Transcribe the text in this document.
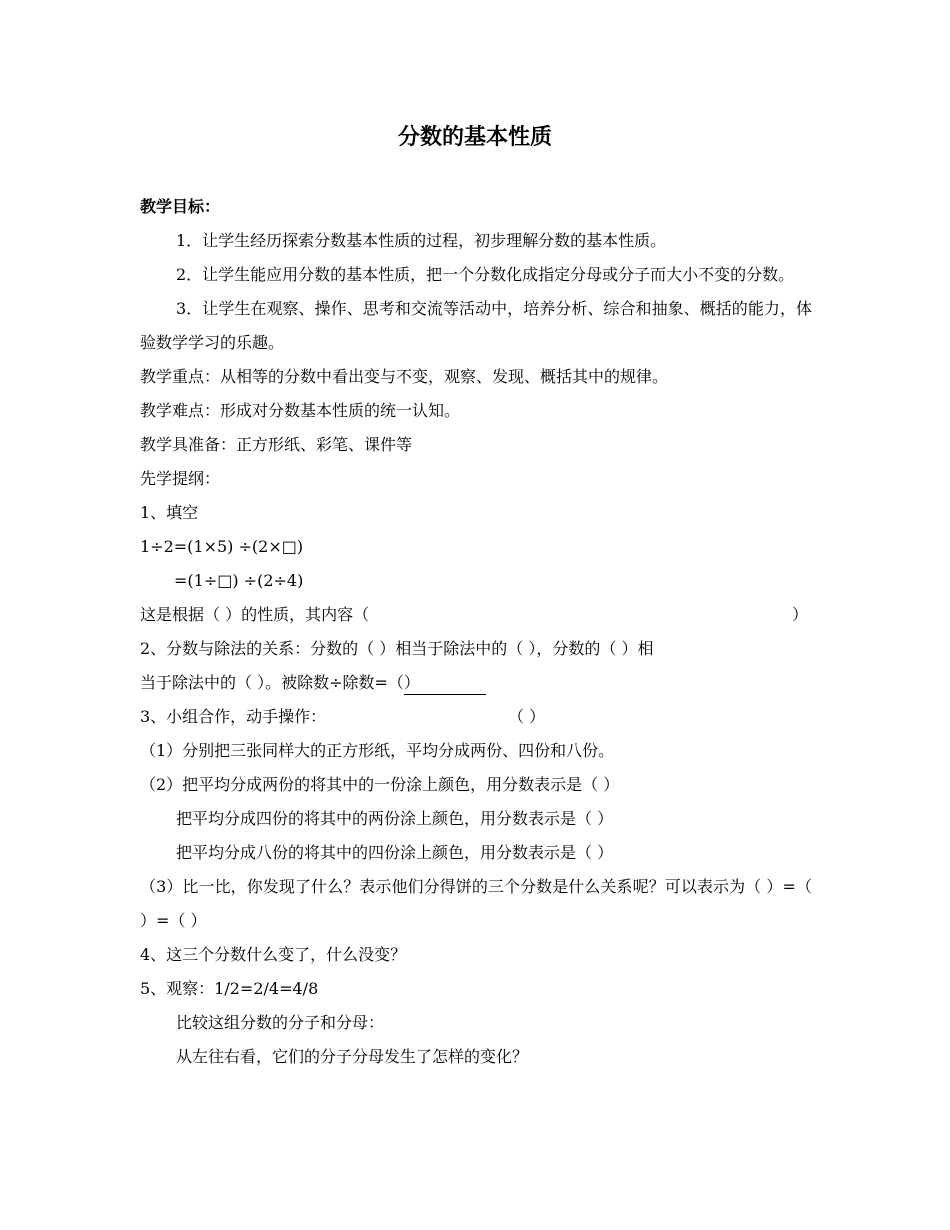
分数的基本性质
教学目标：
1．让学生经历探索分数基本性质的过程，初步理解分数的基本性质。
2．让学生能应用分数的基本性质，把一个分数化成指定分母或分子而大小不变的分数。
3．让学生在观察、操作、思考和交流等活动中，培养分析、综合和抽象、概括的能力，体验数学学习的乐趣。
教学重点：从相等的分数中看出变与不变，观察、发现、概括其中的规律。
教学难点：形成对分数基本性质的统一认知。
教学具准备：正方形纸、彩笔、课件等
先学提纲：
1、填空
1÷2=(1×5) ÷(2×□)
=(1÷□) ÷(2÷4)
这是根据（ ）的性质，其内容（	）
2、分数与除法的关系：分数的（ ）相当于除法中的（ ），分数的（ ）相
当于除法中的（ ）。被除数÷除数=（）
3、小组合作，动手操作：	（ ）
（1）分别把三张同样大的正方形纸，平均分成两份、四份和八份。
（2）把平均分成两份的将其中的一份涂上颜色，用分数表示是（ ）
把平均分成四份的将其中的两份涂上颜色，用分数表示是（ ）
把平均分成八份的将其中的四份涂上颜色，用分数表示是（ ）
（3）比一比，你发现了什么？表示他们分得饼的三个分数是什么关系呢？可以表示为（ ）=（ ）=（ ）
4、这三个分数什么变了，什么没变？
5、观察：1/2=2/4=4/8
比较这组分数的分子和分母：
从左往右看，它们的分子分母发生了怎样的变化？
